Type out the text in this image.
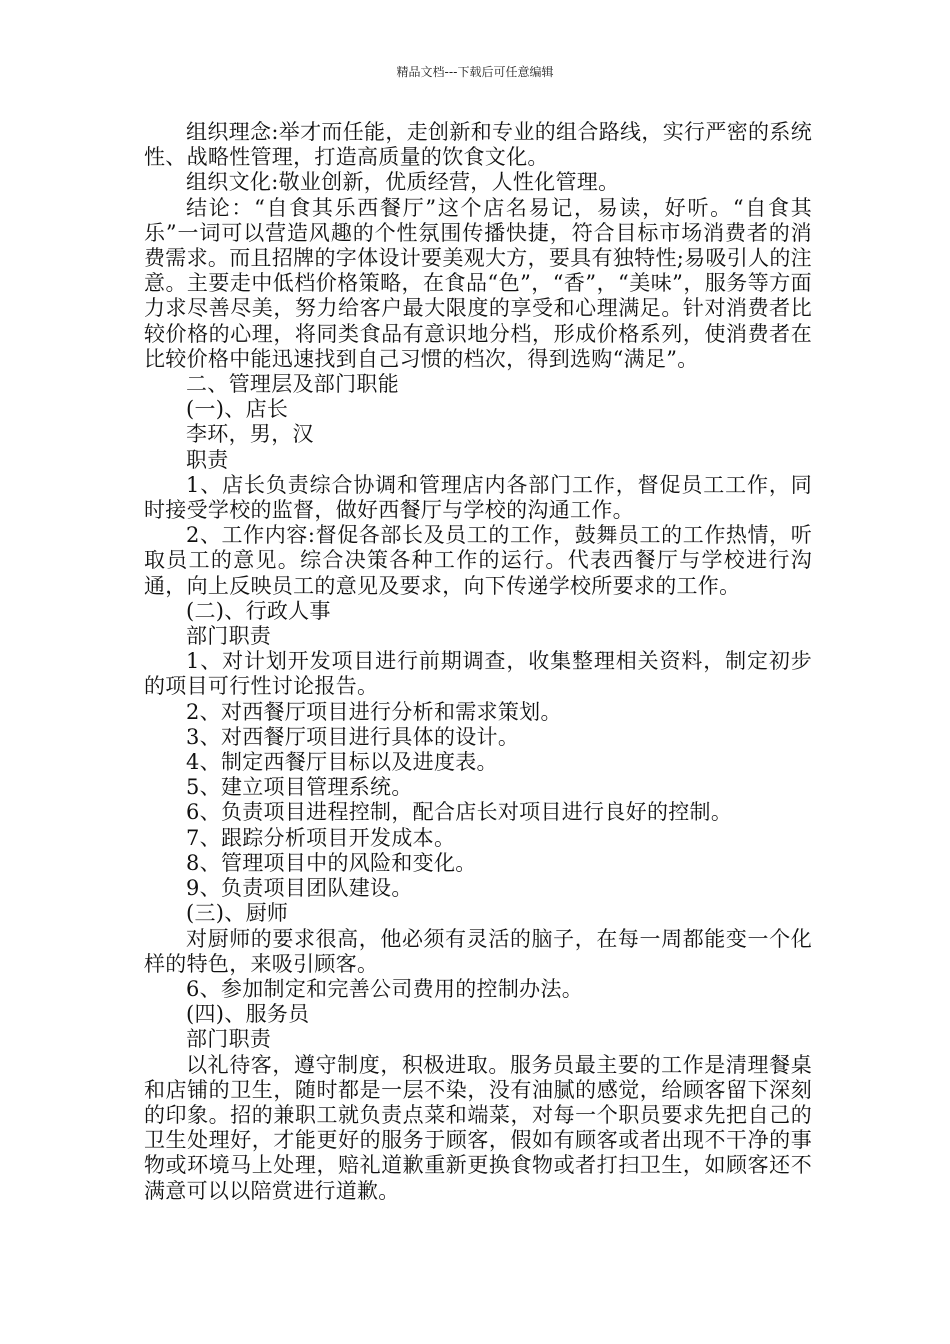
精品文档---下载后可任意编辑

组织理念:举才而任能，走创新和专业的组合路线，实行严密的系统性、战略性管理，打造高质量的饮食文化。

组织文化:敬业创新，优质经营，人性化管理。

结论：“自食其乐西餐厅”这个店名易记，易读，好听。“自食其乐”一词可以营造风趣的个性氛围传播快捷，符合目标市场消费者的消费需求。而且招牌的字体设计要美观大方，要具有独特性;易吸引人的注意。主要走中低档价格策略，在食品“色”，“香”，“美味”，服务等方面力求尽善尽美，努力给客户最大限度的享受和心理满足。针对消费者比较价格的心理，将同类食品有意识地分档，形成价格系列，使消费者在比较价格中能迅速找到自己习惯的档次，得到选购“满足”。

二、管理层及部门职能

(一)、店长

李环，男，汉

职责

1、店长负责综合协调和管理店内各部门工作，督促员工工作，同时接受学校的监督，做好西餐厅与学校的沟通工作。

2、工作内容:督促各部长及员工的工作，鼓舞员工的工作热情，听取员工的意见。综合决策各种工作的运行。代表西餐厅与学校进行沟通，向上反映员工的意见及要求，向下传递学校所要求的工作。

(二)、行政人事

部门职责

1、对计划开发项目进行前期调查，收集整理相关资料，制定初步的项目可行性讨论报告。

2、对西餐厅项目进行分析和需求策划。

3、对西餐厅项目进行具体的设计。

4、制定西餐厅目标以及进度表。

5、建立项目管理系统。

6、负责项目进程控制，配合店长对项目进行良好的控制。

7、跟踪分析项目开发成本。

8、管理项目中的风险和变化。

9、负责项目团队建设。

(三)、厨师

对厨师的要求很高，他必须有灵活的脑子，在每一周都能变一个化样的特色，来吸引顾客。

6、参加制定和完善公司费用的控制办法。

(四)、服务员

部门职责

以礼待客，遵守制度，积极进取。服务员最主要的工作是清理餐桌和店铺的卫生，随时都是一层不染，没有油腻的感觉，给顾客留下深刻的印象。招的兼职工就负责点菜和端菜，对每一个职员要求先把自己的卫生处理好，才能更好的服务于顾客，假如有顾客或者出现不干净的事物或环境马上处理，赔礼道歉重新更换食物或者打扫卫生，如顾客还不满意可以以陪赏进行道歉。
